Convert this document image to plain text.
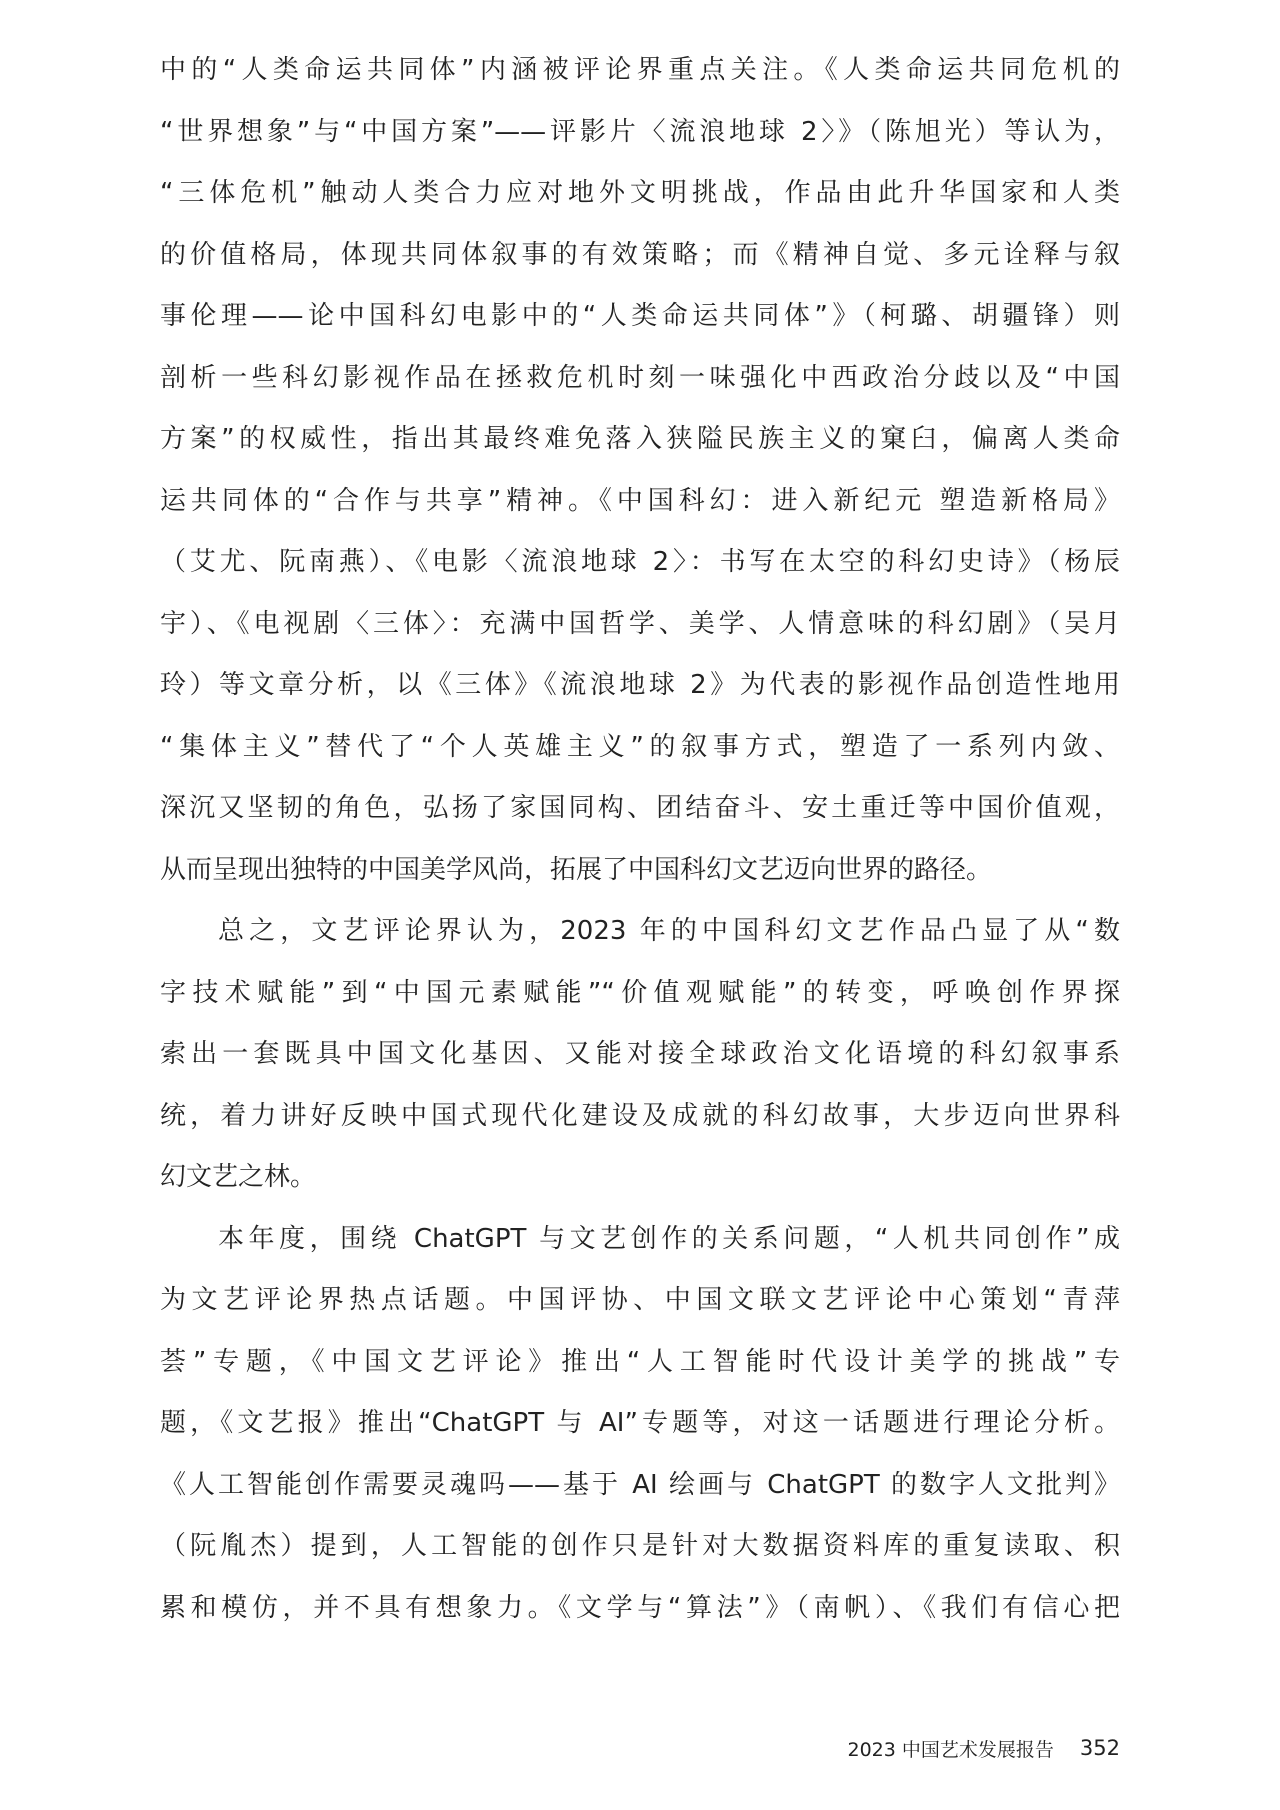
中的“人类命运共同体”内涵被评论界重点关注。《人类命运共同危机的
“世界想象”与“中国方案”——评影片〈流浪地球 2〉》（陈旭光）等认为，
“三体危机”触动人类合力应对地外文明挑战，作品由此升华国家和人类
的价值格局，体现共同体叙事的有效策略；而《精神自觉、多元诠释与叙
事伦理——论中国科幻电影中的“人类命运共同体”》（柯璐、胡疆锋）则
剖析一些科幻影视作品在拯救危机时刻一味强化中西政治分歧以及“中国
方案”的权威性，指出其最终难免落入狭隘民族主义的窠臼，偏离人类命
运共同体的“合作与共享”精神。《中国科幻：进入新纪元 塑造新格局》
（艾尤、阮南燕）、《电影〈流浪地球 2〉：书写在太空的科幻史诗》（杨辰
宇）、《电视剧〈三体〉：充满中国哲学、美学、人情意味的科幻剧》（吴月
玲）等文章分析，以《三体》《流浪地球 2》为代表的影视作品创造性地用
“集体主义”替代了“个人英雄主义”的叙事方式，塑造了一系列内敛、
深沉又坚韧的角色，弘扬了家国同构、团结奋斗、安土重迁等中国价值观，
从而呈现出独特的中国美学风尚，拓展了中国科幻文艺迈向世界的路径。
总之，文艺评论界认为，2023 年的中国科幻文艺作品凸显了从“数
字技术赋能”到“中国元素赋能”“价值观赋能”的转变，呼唤创作界探
索出一套既具中国文化基因、又能对接全球政治文化语境的科幻叙事系
统，着力讲好反映中国式现代化建设及成就的科幻故事，大步迈向世界科
幻文艺之林。
本年度，围绕 ChatGPT 与文艺创作的关系问题，“人机共同创作”成
为文艺评论界热点话题。中国评协、中国文联文艺评论中心策划“青萍
荟”专题，《中国文艺评论》推出“人工智能时代设计美学的挑战”专
题，《文艺报》推出“ChatGPT 与 AI”专题等，对这一话题进行理论分析。
《人工智能创作需要灵魂吗——基于 AI 绘画与 ChatGPT 的数字人文批判》
（阮胤杰）提到，人工智能的创作只是针对大数据资料库的重复读取、积
累和模仿，并不具有想象力。《文学与“算法”》（南帆）、《我们有信心把
2023 中国艺术发展报告 352
